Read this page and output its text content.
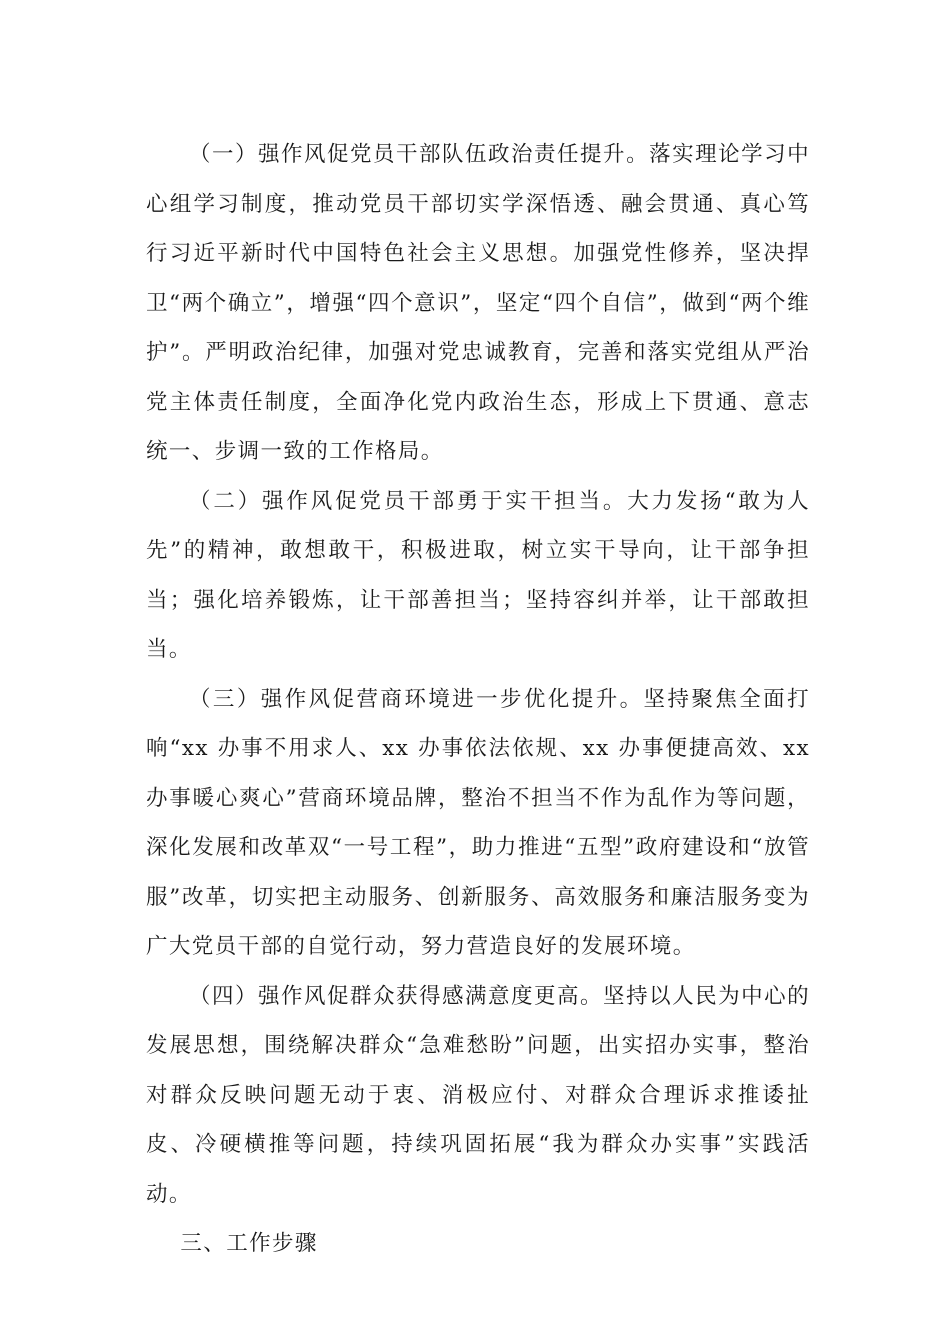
（一）强作风促党员干部队伍政治责任提升。落实理论学习中心组学习制度，推动党员干部切实学深悟透、融会贯通、真心笃行习近平新时代中国特色社会主义思想。加强党性修养，坚决捍卫“两个确立”，增强“四个意识”，坚定“四个自信”，做到“两个维护”。严明政治纪律，加强对党忠诚教育，完善和落实党组从严治党主体责任制度，全面净化党内政治生态，形成上下贯通、意志统一、步调一致的工作格局。

（二）强作风促党员干部勇于实干担当。大力发扬“敢为人先”的精神，敢想敢干，积极进取，树立实干导向，让干部争担当；强化培养锻炼，让干部善担当；坚持容纠并举，让干部敢担当。

（三）强作风促营商环境进一步优化提升。坚持聚焦全面打响“xx 办事不用求人、xx 办事依法依规、xx 办事便捷高效、xx 办事暖心爽心”营商环境品牌，整治不担当不作为乱作为等问题，深化发展和改革双“一号工程”，助力推进“五型”政府建设和“放管服”改革，切实把主动服务、创新服务、高效服务和廉洁服务变为广大党员干部的自觉行动，努力营造良好的发展环境。

（四）强作风促群众获得感满意度更高。坚持以人民为中心的发展思想，围绕解决群众“急难愁盼”问题，出实招办实事，整治对群众反映问题无动于衷、消极应付、对群众合理诉求推诿扯皮、冷硬横推等问题，持续巩固拓展“我为群众办实事”实践活动。

三、工作步骤
